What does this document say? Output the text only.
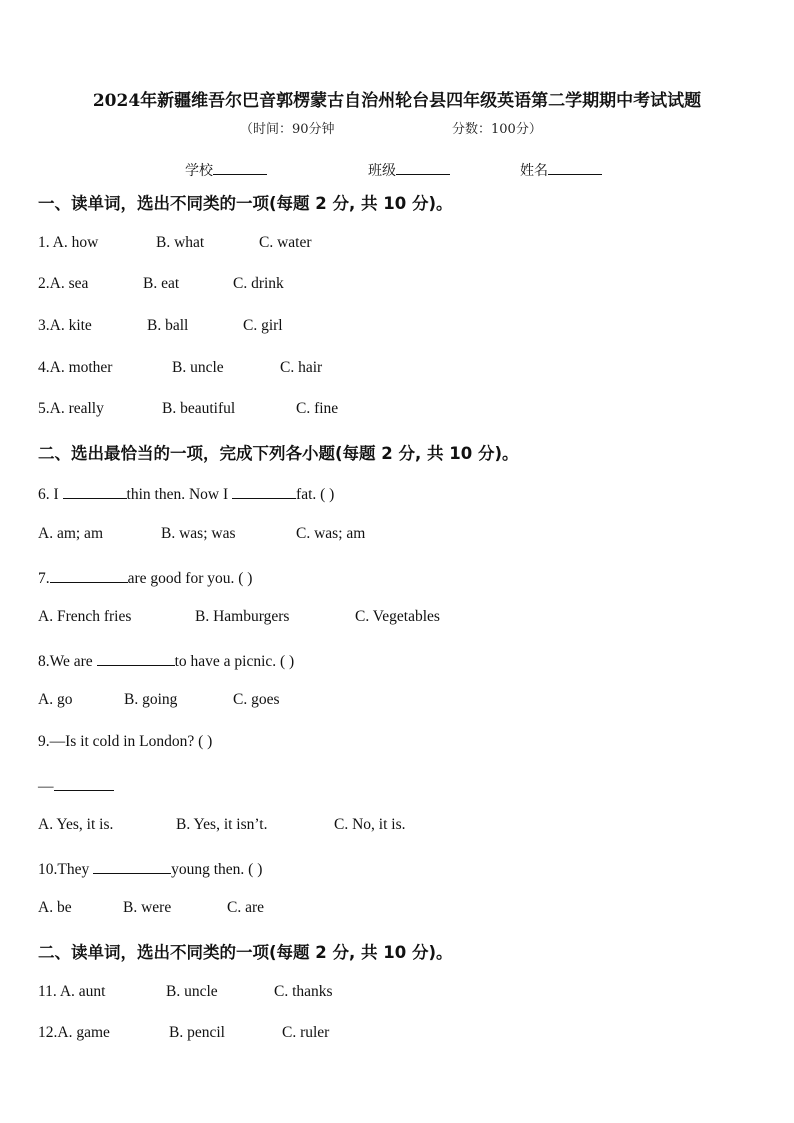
2024年新疆维吾尔巴音郭楞蒙古自治州轮台县四年级英语第二学期期中考试试题
（时间：90分钟	分数：100分）
学校	班级	姓名
一、读单词，选出不同类的一项(每题 2 分, 共 10 分)。
1. A. how	B. what	C. water
2.A. sea	B. eat	C. drink
3.A. kite	B. ball	C. girl
4.A. mother	B. uncle	C. hair
5.A. really	B. beautiful	C. fine
二、选出最恰当的一项，完成下列各小题(每题 2 分, 共 10 分)。
6. I	thin then. Now I	fat. ( )
A. am; am	B. was; was	C. was; am
7.	are good for you. ( )
A. French fries	B. Hamburgers	C. Vegetables
8.We are	to have a picnic. ( )
A. go	B. going	C. goes
9.—Is it cold in London? ( )
—
A. Yes, it is.	B. Yes, it isn’t.	C. No, it is.
10.They	young then. ( )
A. be	B. were	C. are
二、读单词，选出不同类的一项(每题 2 分, 共 10 分)。
11. A. aunt	B. uncle	C. thanks
12.A. game	B. pencil	C. ruler
